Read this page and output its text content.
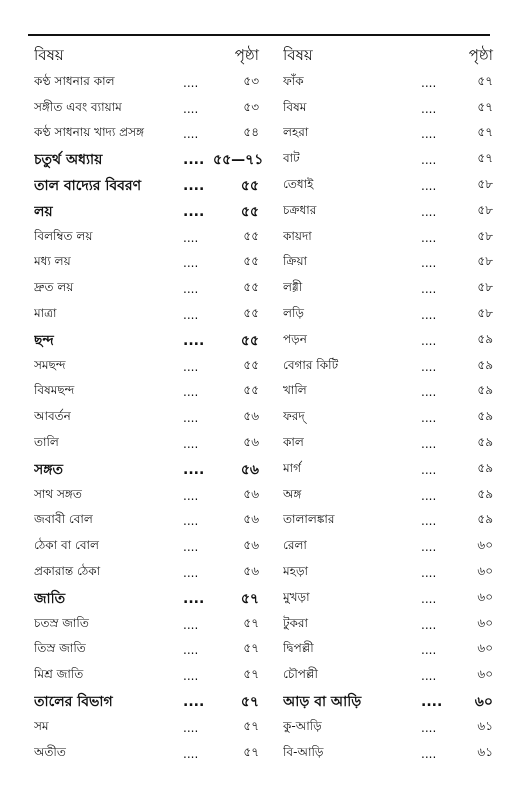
বিষয়	পৃষ্ঠা
কণ্ঠ সাধনার কাল	....	৫৩
সঙ্গীত এবং ব্যায়াম	....	৫৩
কণ্ঠ সাধনায় খাদ্য প্রসঙ্গ	....	৫৪
চতুর্থ অধ্যায়	.... ৫৫—৭১
তাল বাদ্যের বিবরণ	....	৫৫
লয়	....	৫৫
বিলম্বিত লয়	....	৫৫
মধ্য লয়	....	৫৫
দ্রুত লয়	....	৫৫
মাত্রা	....	৫৫
ছন্দ	....	৫৫
সমছন্দ	....	৫৫
বিষমছন্দ	....	৫৫
আবর্তন	....	৫৬
তালি	....	৫৬
সঙ্গত	....	৫৬
সাথ সঙ্গত	....	৫৬
জবাবী বোল	....	৫৬
ঠেকা বা বোল	....	৫৬
প্রকারান্ত ঠেকা	....	৫৬
জাতি	....	৫৭
চতস্র জাতি	....	৫৭
তিস্র জাতি	....	৫৭
মিশ্র জাতি	....	৫৭
তালের বিভাগ	....	৫৭
সম	....	৫৭
অতীত	....	৫৭
বিষয়	পৃষ্ঠা
ফাঁক	....	৫৭
বিষম	....	৫৭
লহরা	....	৫৭
বাট	....	৫৭
তেধাই	....	৫৮
চক্রধার	....	৫৮
কায়দা	....	৫৮
ক্রিয়া	....	৫৮
লগ্গী	....	৫৮
লড়ি	....	৫৮
পড়ন	....	৫৯
বেগার কিটি	....	৫৯
খালি	....	৫৯
ফরদ্	....	৫৯
কাল	....	৫৯
মার্গ	....	৫৯
অঙ্গ	....	৫৯
তালালঙ্কার	....	৫৯
রেলা	....	৬০
মহড়া	....	৬০
মুখড়া	....	৬০
টুকরা	....	৬০
দ্বিপল্লী	....	৬০
চৌপল্লী	....	৬০
আড় বা আড়ি	....	৬০
কু-আড়ি	....	৬১
বি-আড়ি	....	৬১
